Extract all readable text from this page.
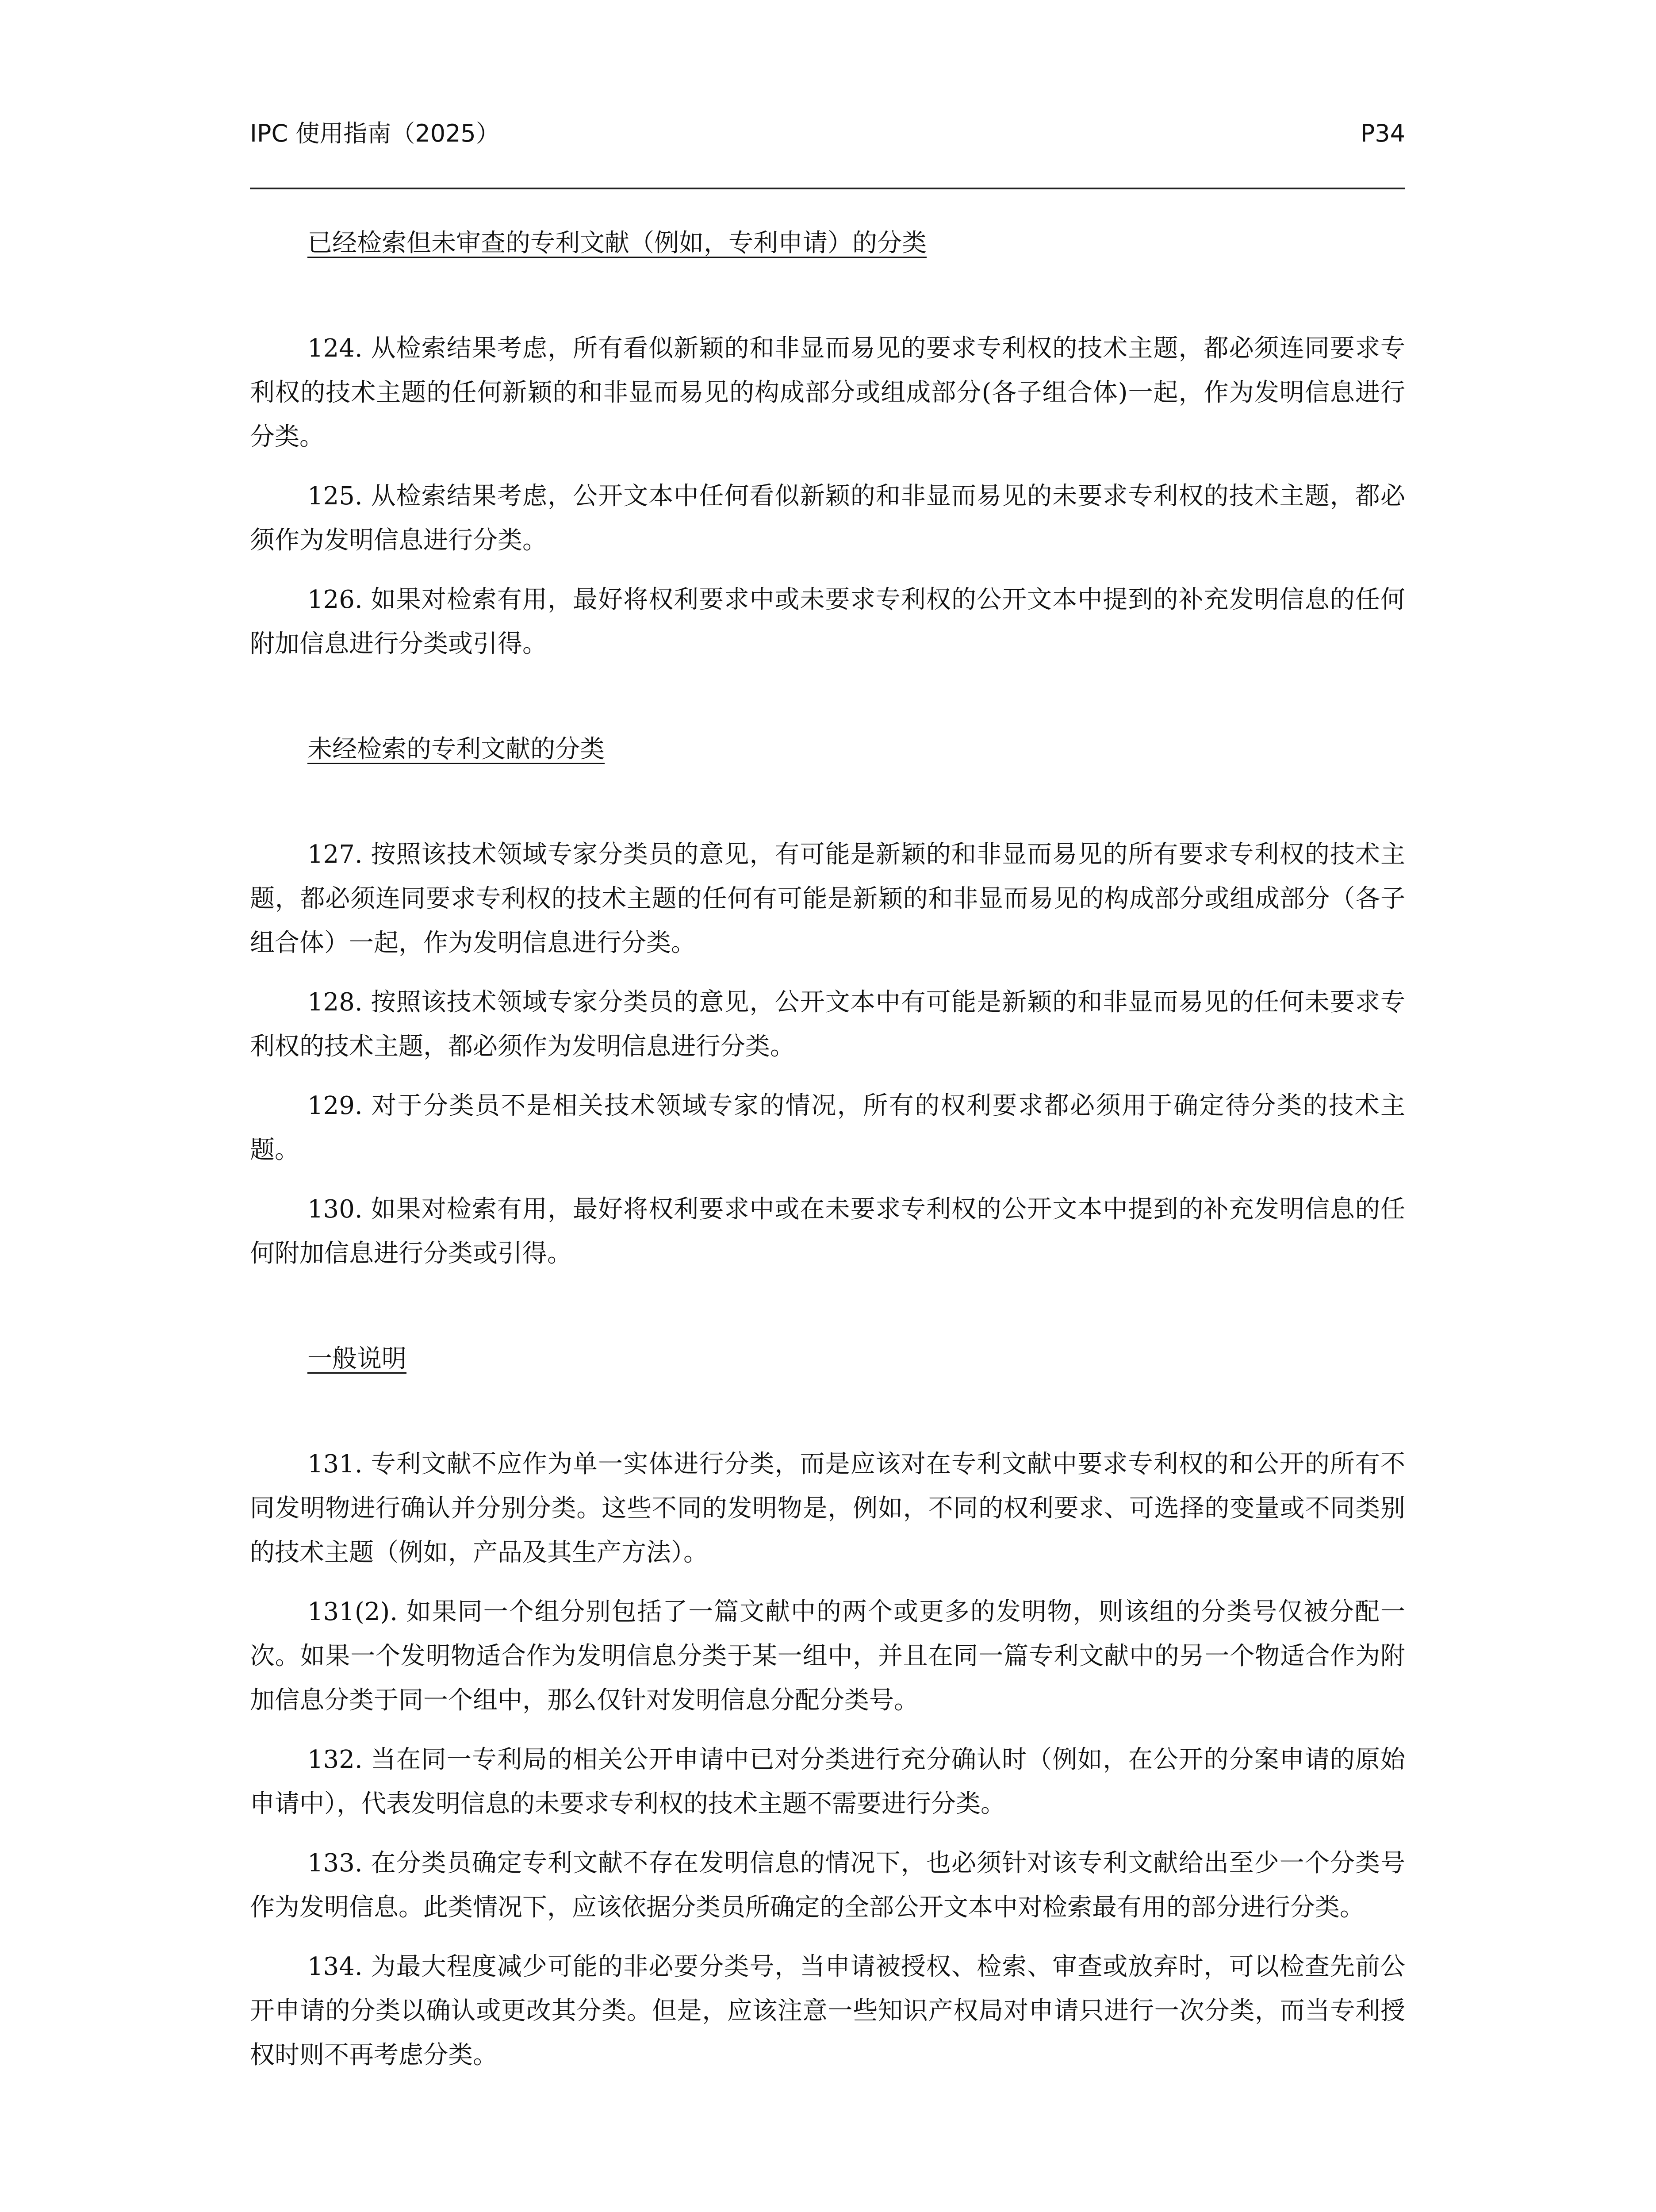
IPC 使用指南（2025）	P34
已经检索但未审查的专利文献（例如，专利申请）的分类

124. 从检索结果考虑，所有看似新颖的和非显而易见的要求专利权的技术主题，都必须连同要求专利权的技术主题的任何新颖的和非显而易见的构成部分或组成部分(各子组合体)一起，作为发明信息进行分类。

125. 从检索结果考虑，公开文本中任何看似新颖的和非显而易见的未要求专利权的技术主题，都必须作为发明信息进行分类。

126. 如果对检索有用，最好将权利要求中或未要求专利权的公开文本中提到的补充发明信息的任何附加信息进行分类或引得。

未经检索的专利文献的分类

127. 按照该技术领域专家分类员的意见，有可能是新颖的和非显而易见的所有要求专利权的技术主题，都必须连同要求专利权的技术主题的任何有可能是新颖的和非显而易见的构成部分或组成部分（各子组合体）一起，作为发明信息进行分类。

128. 按照该技术领域专家分类员的意见，公开文本中有可能是新颖的和非显而易见的任何未要求专利权的技术主题，都必须作为发明信息进行分类。

129. 对于分类员不是相关技术领域专家的情况，所有的权利要求都必须用于确定待分类的技术主题。

130. 如果对检索有用，最好将权利要求中或在未要求专利权的公开文本中提到的补充发明信息的任何附加信息进行分类或引得。

一般说明

131. 专利文献不应作为单一实体进行分类，而是应该对在专利文献中要求专利权的和公开的所有不同发明物进行确认并分别分类。这些不同的发明物是，例如，不同的权利要求、可选择的变量或不同类别的技术主题（例如，产品及其生产方法）。

131(2). 如果同一个组分别包括了一篇文献中的两个或更多的发明物，则该组的分类号仅被分配一次。如果一个发明物适合作为发明信息分类于某一组中，并且在同一篇专利文献中的另一个物适合作为附加信息分类于同一个组中，那么仅针对发明信息分配分类号。

132. 当在同一专利局的相关公开申请中已对分类进行充分确认时（例如，在公开的分案申请的原始申请中），代表发明信息的未要求专利权的技术主题不需要进行分类。

133. 在分类员确定专利文献不存在发明信息的情况下，也必须针对该专利文献给出至少一个分类号作为发明信息。此类情况下，应该依据分类员所确定的全部公开文本中对检索最有用的部分进行分类。

134. 为最大程度减少可能的非必要分类号，当申请被授权、检索、审查或放弃时，可以检查先前公开申请的分类以确认或更改其分类。但是，应该注意一些知识产权局对申请只进行一次分类，而当专利授权时则不再考虑分类。
